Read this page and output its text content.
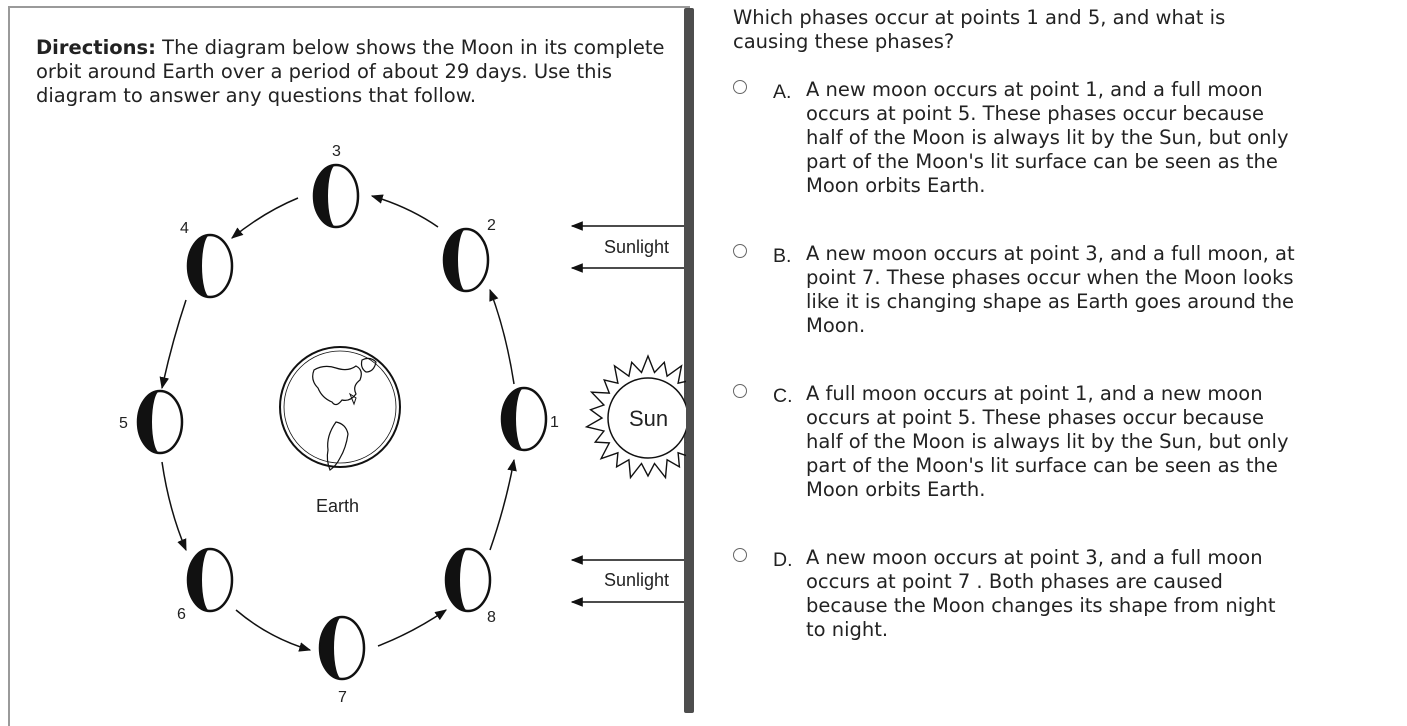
Directions: The diagram below shows the Moon in its complete orbit around Earth over a period of about 29 days. Use this diagram to answer any questions that follow.
1
2
3
4
5
6
7
8
Earth
Sunlight
Sunlight
Sun
Which phases occur at points 1 and 5, and what is causing these phases?
A. A new moon occurs at point 1, and a full moon occurs at point 5. These phases occur because half of the Moon is always lit by the Sun, but only part of the Moon's lit surface can be seen as the Moon orbits Earth.
B. A new moon occurs at point 3, and a full moon, at point 7. These phases occur when the Moon looks like it is changing shape as Earth goes around the Moon.
C. A full moon occurs at point 1, and a new moon occurs at point 5. These phases occur because half of the Moon is always lit by the Sun, but only part of the Moon's lit surface can be seen as the Moon orbits Earth.
D. A new moon occurs at point 3, and a full moon occurs at point 7 . Both phases are caused because the Moon changes its shape from night to night.
